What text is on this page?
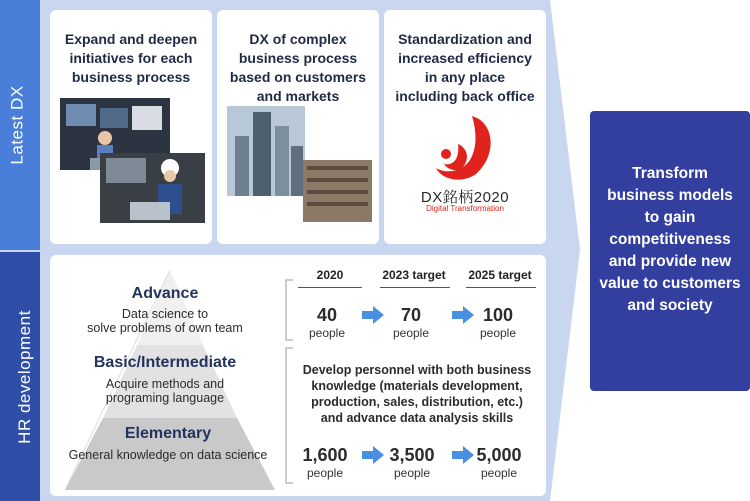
Latest DX
HR development
Expand and deepen initiatives for each business process
DX of complex business process based on customers and markets
Standardization and increased efficiency in any place including back office
DX銘柄2020
Digital Transformation
Advance
Data science to
solve problems of own team
Basic/Intermediate
Acquire methods and
programing language
Elementary
General knowledge on data science
2020	2023 target	2025 target
40
people
70
people
100
people
Develop personnel with both business
knowledge (materials development,
production, sales, distribution, etc.)
and advance data analysis skills
1,600
people
3,500
people
5,000
people
Transform business models to gain competitiveness and provide new value to customers and society
